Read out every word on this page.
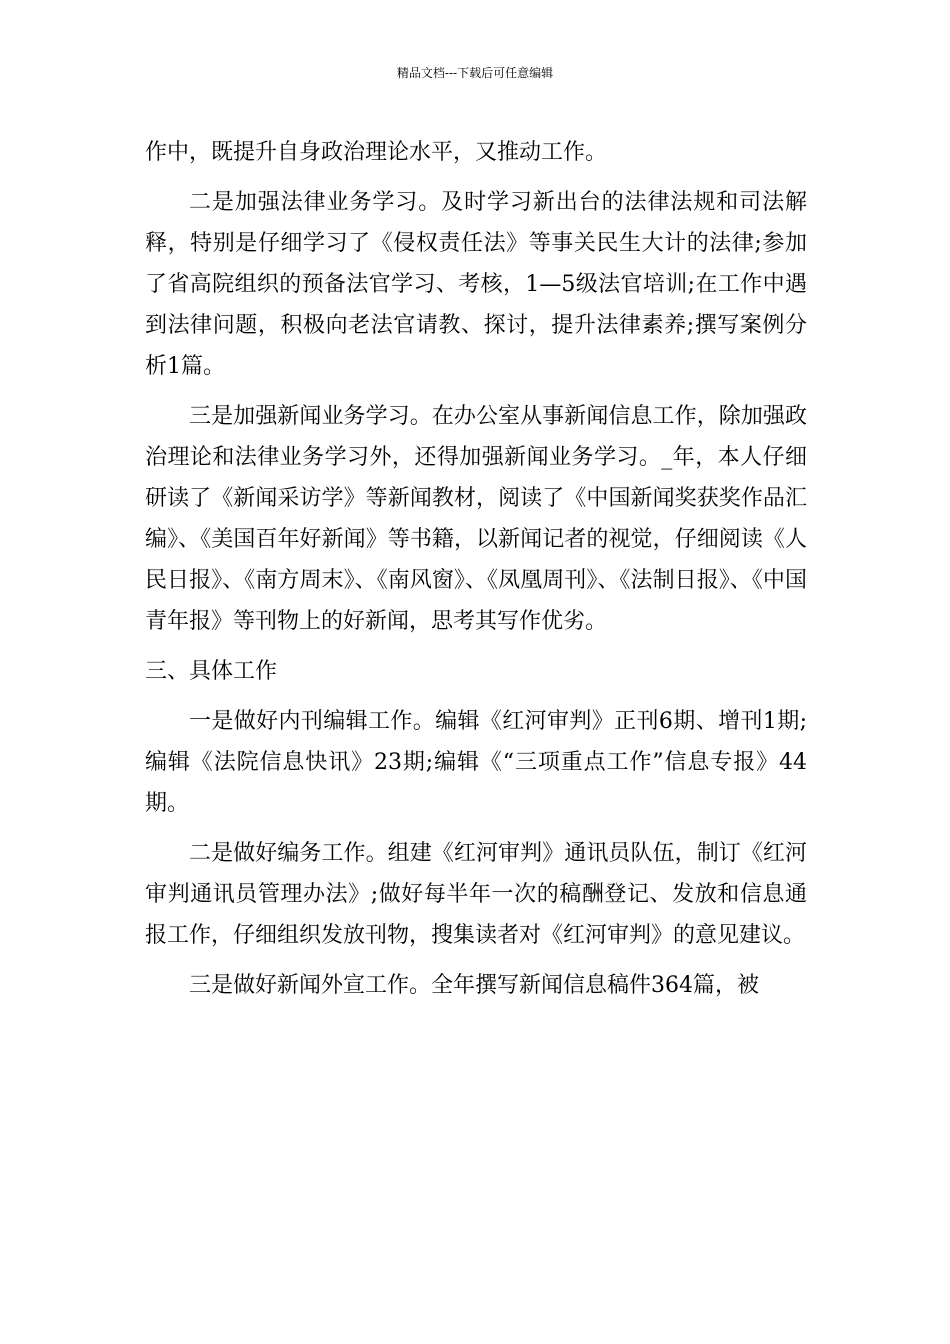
精品文档---下载后可任意编辑

作中，既提升自身政治理论水平，又推动工作。

二是加强法律业务学习。及时学习新出台的法律法规和司法解释，特别是仔细学习了《侵权责任法》等事关民生大计的法律;参加了省高院组织的预备法官学习、考核，1—5级法官培训;在工作中遇到法律问题，积极向老法官请教、探讨，提升法律素养;撰写案例分析1篇。

三是加强新闻业务学习。在办公室从事新闻信息工作，除加强政治理论和法律业务学习外，还得加强新闻业务学习。_年，本人仔细研读了《新闻采访学》等新闻教材，阅读了《中国新闻奖获奖作品汇编》、《美国百年好新闻》等书籍，以新闻记者的视觉，仔细阅读《人民日报》、《南方周末》、《南风窗》、《凤凰周刊》、《法制日报》、《中国青年报》等刊物上的好新闻，思考其写作优劣。

三、具体工作

一是做好内刊编辑工作。编辑《红河审判》正刊6期、增刊1期;编辑《法院信息快讯》23期;编辑《“三项重点工作”信息专报》44期。

二是做好编务工作。组建《红河审判》通讯员队伍，制订《红河审判通讯员管理办法》;做好每半年一次的稿酬登记、发放和信息通报工作，仔细组织发放刊物，搜集读者对《红河审判》的意见建议。

三是做好新闻外宣工作。全年撰写新闻信息稿件364篇，被
